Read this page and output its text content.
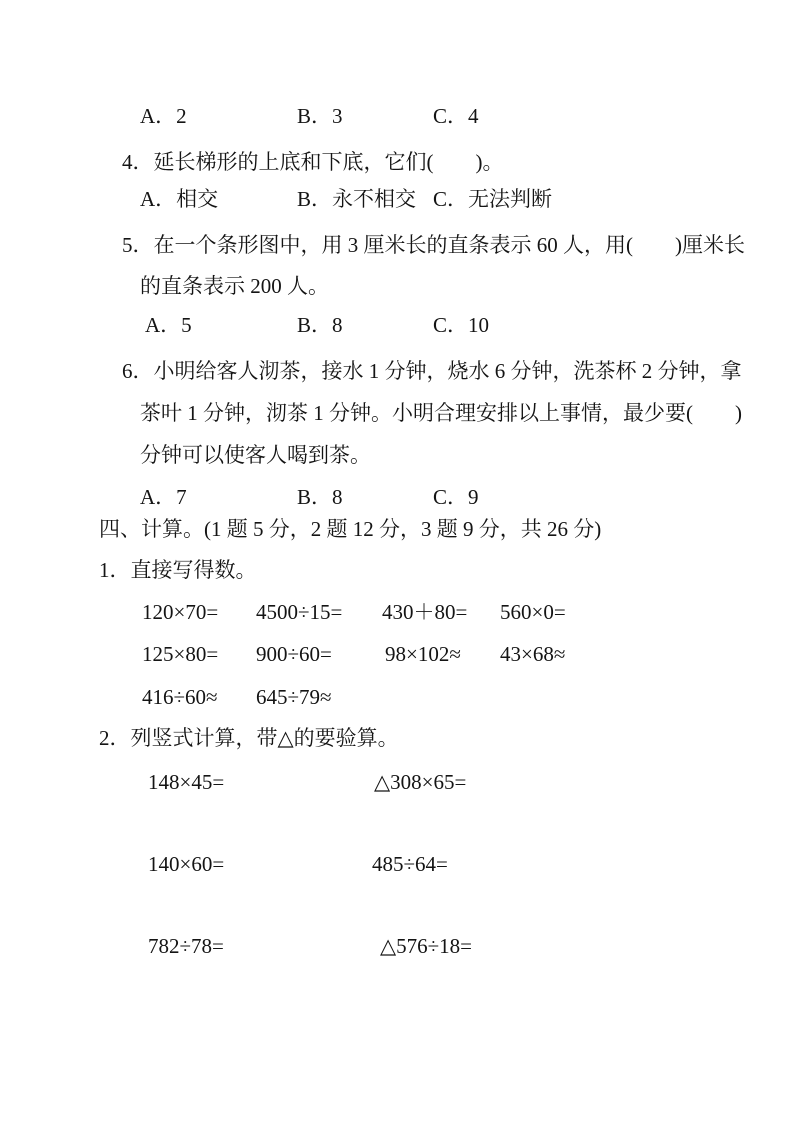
A．2	B．3	C．4
4．延长梯形的上底和下底，它们(　　)。
A．相交	B．永不相交 C．无法判断
5．在一个条形图中，用 3 厘米长的直条表示 60 人，用(　　)厘米长
的直条表示 200 人。
A．5	B．8	C．10
6．小明给客人沏茶，接水 1 分钟，烧水 6 分钟，洗茶杯 2 分钟，拿
茶叶 1 分钟，沏茶 1 分钟。小明合理安排以上事情，最少要(　　)
分钟可以使客人喝到茶。
A．7	B．8	C．9
四、计算。(1 题 5 分，2 题 12 分，3 题 9 分，共 26 分)
1．直接写得数。
120×70= 4500÷15= 430＋80= 560×0=
125×80= 900÷60=	98×102≈ 43×68≈
416÷60≈ 645÷79≈
2．列竖式计算，带△的要验算。
148×45=	△308×65=
140×60=	485÷64=
782÷78=	△576÷18=
